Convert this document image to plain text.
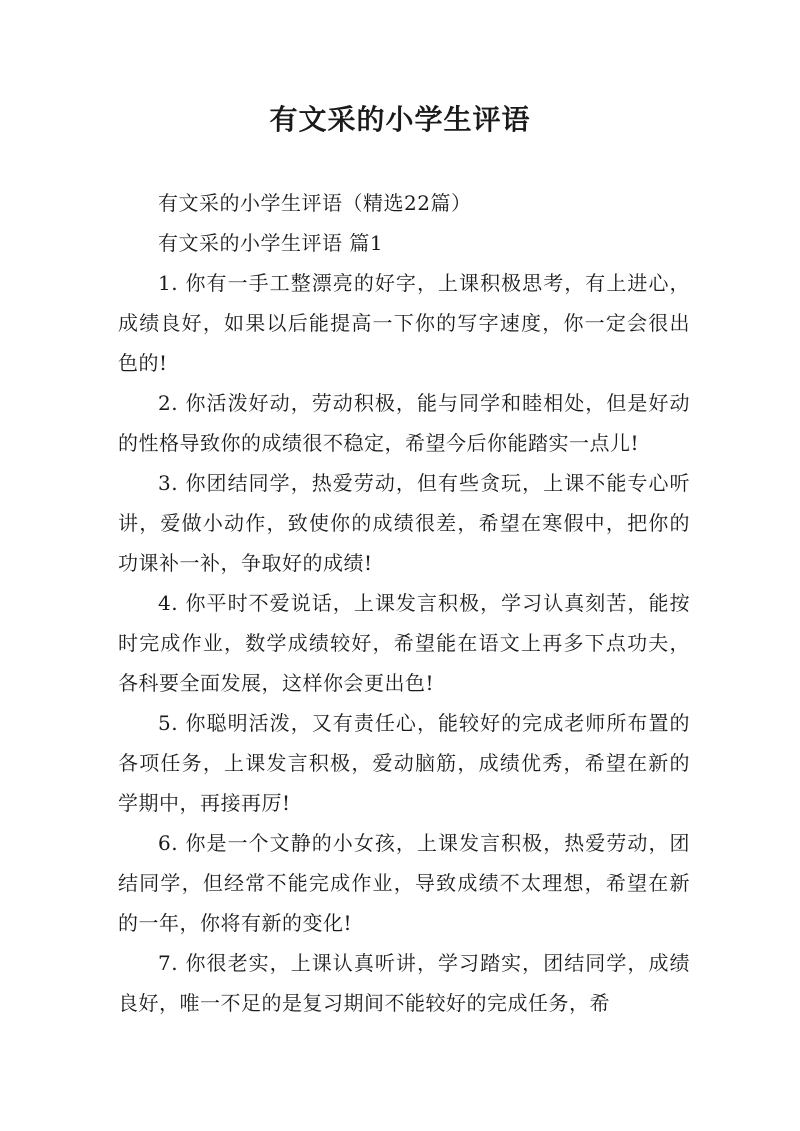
有文采的小学生评语

有文采的小学生评语（精选22篇）

有文采的小学生评语 篇1

1. 你有一手工整漂亮的好字，上课积极思考，有上进心，成绩良好，如果以后能提高一下你的写字速度，你一定会很出色的!

2. 你活泼好动，劳动积极，能与同学和睦相处，但是好动的性格导致你的成绩很不稳定，希望今后你能踏实一点儿!

3. 你团结同学，热爱劳动，但有些贪玩，上课不能专心听讲，爱做小动作，致使你的成绩很差，希望在寒假中，把你的功课补一补，争取好的成绩!

4. 你平时不爱说话，上课发言积极，学习认真刻苦，能按时完成作业，数学成绩较好，希望能在语文上再多下点功夫，各科要全面发展，这样你会更出色!

5. 你聪明活泼，又有责任心，能较好的完成老师所布置的各项任务，上课发言积极，爱动脑筋，成绩优秀，希望在新的学期中，再接再厉!

6. 你是一个文静的小女孩，上课发言积极，热爱劳动，团结同学，但经常不能完成作业，导致成绩不太理想，希望在新的一年，你将有新的变化!

7. 你很老实，上课认真听讲，学习踏实，团结同学，成绩良好，唯一不足的是复习期间不能较好的完成任务，希
